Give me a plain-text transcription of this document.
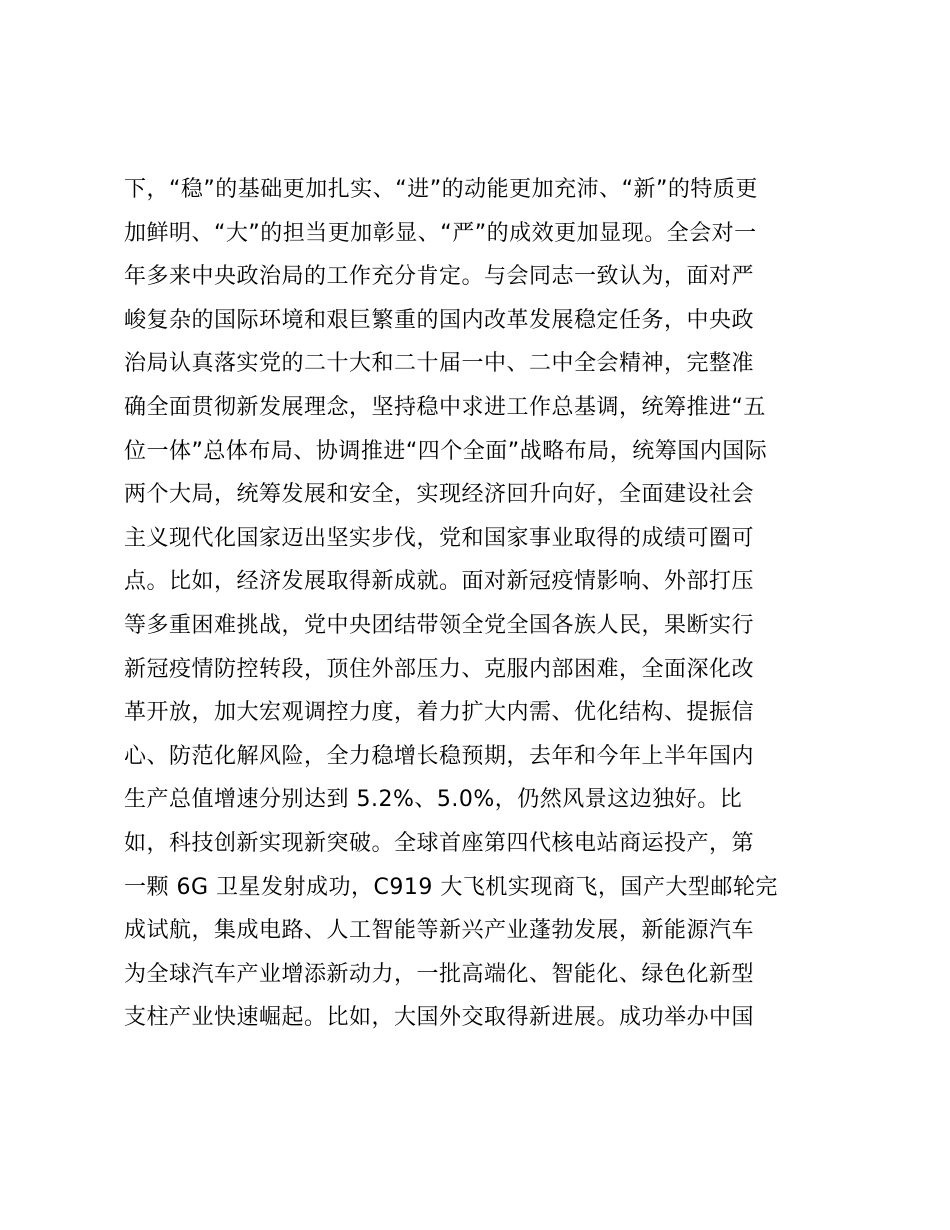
下，“稳”的基础更加扎实、“进”的动能更加充沛、“新”的特质更
加鲜明、“大”的担当更加彰显、“严”的成效更加显现。全会对一
年多来中央政治局的工作充分肯定。与会同志一致认为，面对严
峻复杂的国际环境和艰巨繁重的国内改革发展稳定任务，中央政
治局认真落实党的二十大和二十届一中、二中全会精神，完整准
确全面贯彻新发展理念，坚持稳中求进工作总基调，统筹推进“五
位一体”总体布局、协调推进“四个全面”战略布局，统筹国内国际
两个大局，统筹发展和安全，实现经济回升向好，全面建设社会
主义现代化国家迈出坚实步伐，党和国家事业取得的成绩可圈可
点。比如，经济发展取得新成就。面对新冠疫情影响、外部打压
等多重困难挑战，党中央团结带领全党全国各族人民，果断实行
新冠疫情防控转段，顶住外部压力、克服内部困难，全面深化改
革开放，加大宏观调控力度，着力扩大内需、优化结构、提振信
心、防范化解风险，全力稳增长稳预期，去年和今年上半年国内
生产总值增速分别达到 5.2%、5.0%，仍然风景这边独好。比
如，科技创新实现新突破。全球首座第四代核电站商运投产，第
一颗 6G 卫星发射成功，C919 大飞机实现商飞，国产大型邮轮完
成试航，集成电路、人工智能等新兴产业蓬勃发展，新能源汽车
为全球汽车产业增添新动力，一批高端化、智能化、绿色化新型
支柱产业快速崛起。比如，大国外交取得新进展。成功举办中国
